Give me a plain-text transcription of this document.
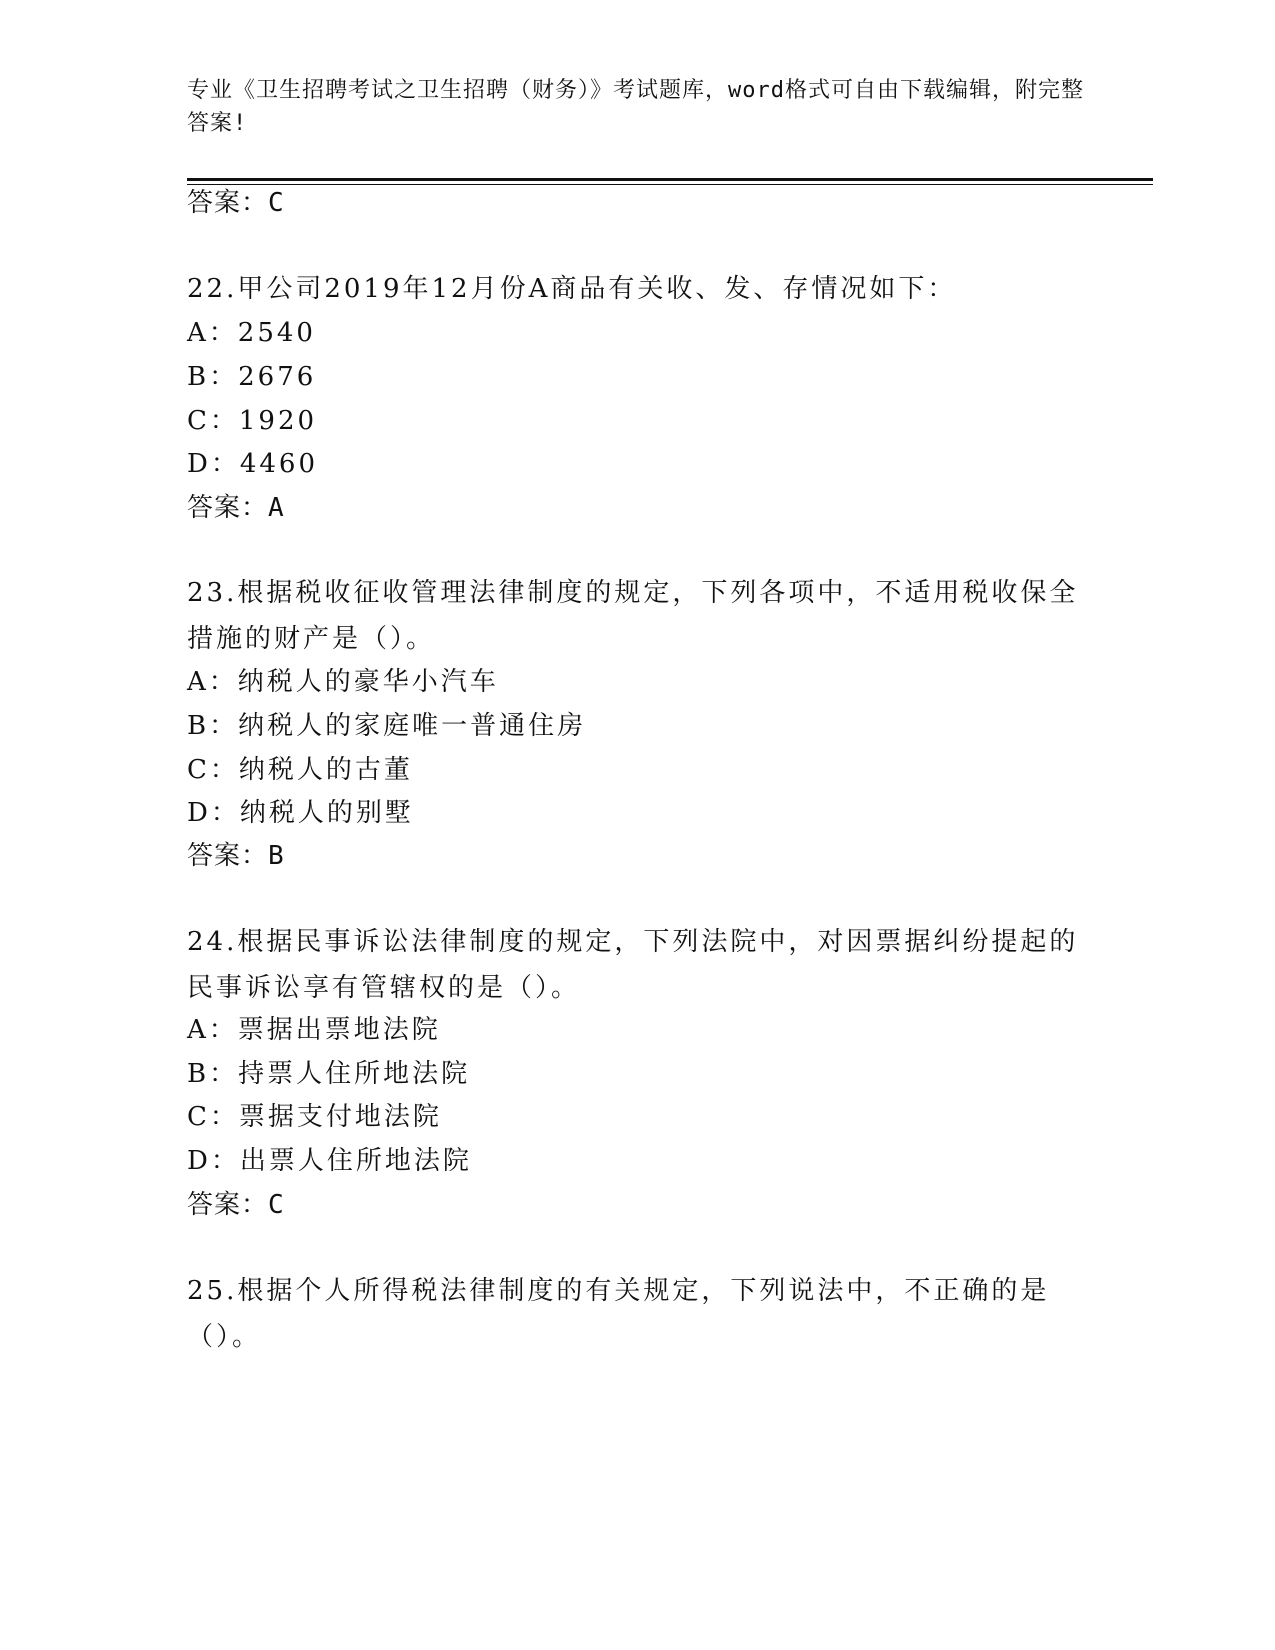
专业《卫生招聘考试之卫生招聘（财务）》考试题库，word格式可自由下载编辑，附完整答案!
答案：C
22.甲公司2019年12月份A商品有关收、发、存情况如下：
A：2540
B：2676
C：1920
D：4460
答案：A
23.根据税收征收管理法律制度的规定，下列各项中，不适用税收保全措施的财产是（）。
A：纳税人的豪华小汽车
B：纳税人的家庭唯一普通住房
C：纳税人的古董
D：纳税人的别墅
答案：B
24.根据民事诉讼法律制度的规定，下列法院中，对因票据纠纷提起的民事诉讼享有管辖权的是（）。
A：票据出票地法院
B：持票人住所地法院
C：票据支付地法院
D：出票人住所地法院
答案：C
25.根据个人所得税法律制度的有关规定，下列说法中，不正确的是（）。
